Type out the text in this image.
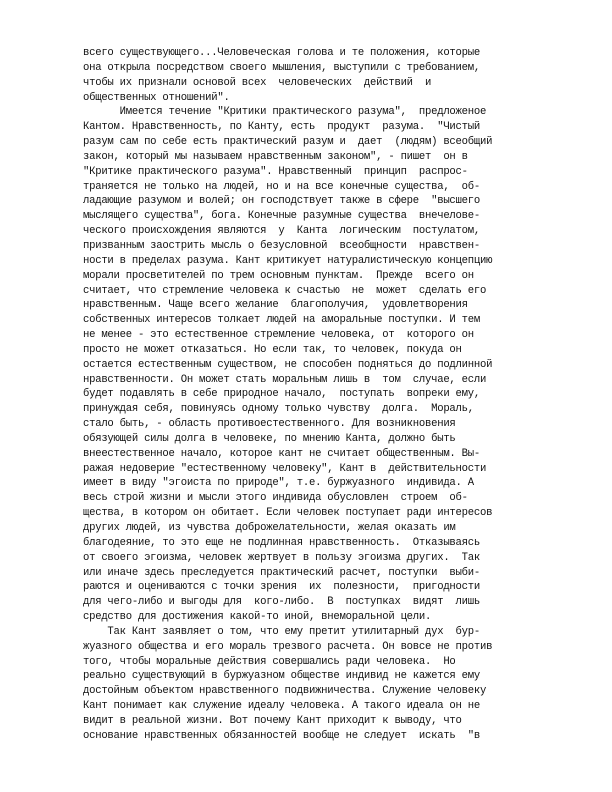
всего существующего...Человеческая голова и те положения, которые
она открыла посредством своего мышления, выступили с требованием,
чтобы их признали основой всех  человеческих  действий  и
общественных отношений".
Имеется течение "Критики практического разума",  предложеное
Кантом. Нравственность, по Канту, есть  продукт  разума.  "Чистый
разум сам по себе есть практический разум и  дает  (людям) всеобщий
закон, который мы называем нравственным законом", - пишет  он в
"Критике практического разума". Нравственный  принцип  распрос-
траняется не только на людей, но и на все конечные существа,  об-
ладающие разумом и волей; он господствует также в сфере  "высшего
мыслящего существа", бога. Конечные разумные существа  внечелове-
ческого происхождения являются  у  Канта  логическим  постулатом,
призванным заострить мысль о безусловной  всеобщности  нравствен-
ности в пределах разума. Кант критикует натуралистическую концепцию
морали просветителей по трем основным пунктам.  Прежде  всего он
считает, что стремление человека к счастью  не  может  сделать его
нравственным. Чаще всего желание  благополучия,  удовлетворения
собственных интересов толкает людей на аморальные поступки. И тем
не менее - это естественное стремление человека, от  которого он
просто не может отказаться. Но если так, то человек, покуда он
остается естественным существом, не способен подняться до подлинной
нравственности. Он может стать моральным лишь в  том  случае, если
будет подавлять в себе природное начало,  поступать  вопреки ему,
принуждая себя, повинуясь одному только чувству  долга.  Мораль,
стало быть, - область противоестественного. Для возникновения
обязующей силы долга в человеке, по мнению Канта, должно быть
внеестественное начало, которое кант не считает общественным. Вы-
ражая недоверие "естественному человеку", Кант в  действительности
имеет в виду "эгоиста по природе", т.е. буржуазного  индивида. А
весь строй жизни и мысли этого индивида обусловлен  строем  об-
щества, в котором он обитает. Если человек поступает ради интересов
других людей, из чувства доброжелательности, желая оказать им
благодеяние, то это еще не подлинная нравственность.  Отказываясь
от своего эгоизма, человек жертвует в пользу эгоизма других.  Так
или иначе здесь преследуется практический расчет, поступки  выби-
раются и оцениваются с точки зрения  их  полезности,  пригодности
для чего-либо и выгоды для  кого-либо.  В  поступках  видят  лишь
средство для достижения какой-то иной, внеморальной цели.
Так Кант заявляет о том, что ему претит утилитарный дух  бур-
жуазного общества и его мораль трезвого расчета. Он вовсе не против
того, чтобы моральные действия совершались ради человека.  Но
реально существующий в буржуазном обществе индивид не кажется ему
достойным объектом нравственного подвижничества. Служение человеку
Кант понимает как служение идеалу человека. А такого идеала он не
видит в реальной жизни. Вот почему Кант приходит к выводу, что
основание нравственных обязанностей вообще не следует  искать  "в
